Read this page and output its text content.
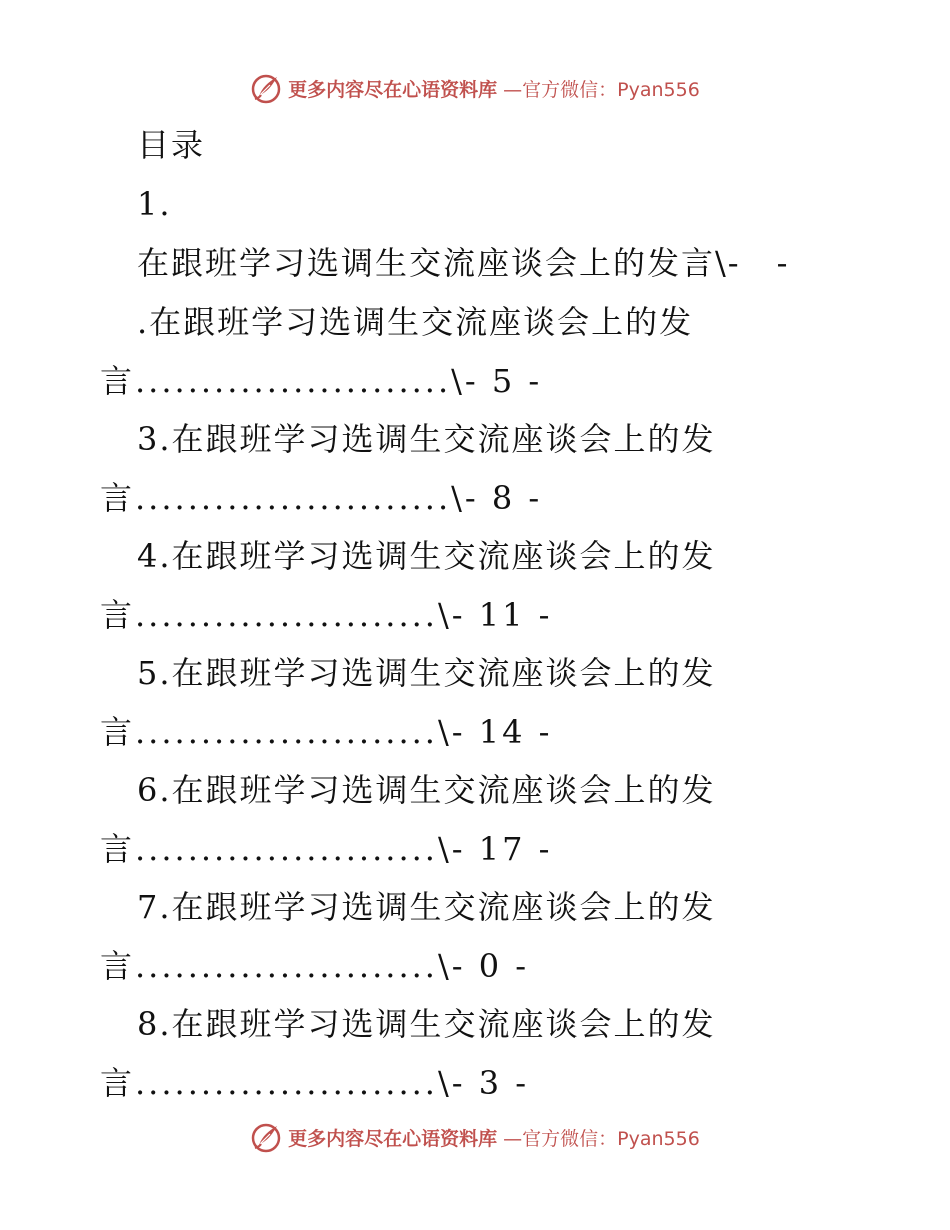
更多内容尽在心语资料库 —官方微信：Pyan556
目录
1.
在跟班学习选调生交流座谈会上的发言\- -
.在跟班学习选调生交流座谈会上的发
言........................\- 5 -
3.在跟班学习选调生交流座谈会上的发
言........................\- 8 -
4.在跟班学习选调生交流座谈会上的发
言.......................\- 11 -
5.在跟班学习选调生交流座谈会上的发
言.......................\- 14 -
6.在跟班学习选调生交流座谈会上的发
言.......................\- 17 -
7.在跟班学习选调生交流座谈会上的发
言.......................\- 0 -
8.在跟班学习选调生交流座谈会上的发
言.......................\- 3 -
更多内容尽在心语资料库 —官方微信：Pyan556
